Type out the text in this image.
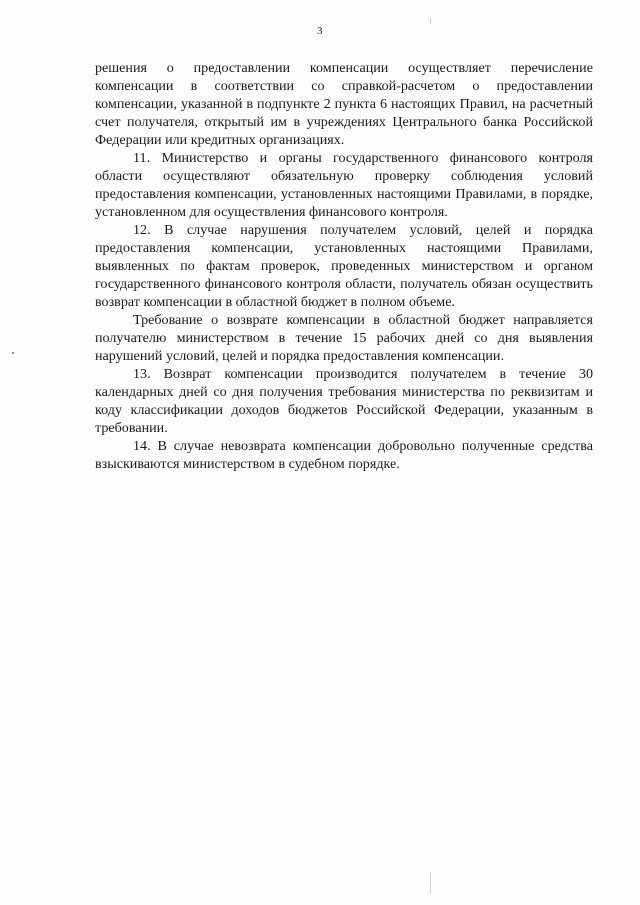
3

решения о предоставлении компенсации осуществляет перечисление компенсации в соответствии со справкой-расчетом о предоставлении компенсации, указанной в подпункте 2 пункта 6 настоящих Правил, на расчетный счет получателя, открытый им в учреждениях Центрального банка Российской Федерации или кредитных организациях.

11. Министерство и органы государственного финансового контроля области осуществляют обязательную проверку соблюдения условий предоставления компенсации, установленных настоящими Правилами, в порядке, установленном для осуществления финансового контроля.

12. В случае нарушения получателем условий, целей и порядка предоставления компенсации, установленных настоящими Правилами, выявленных по фактам проверок, проведенных министерством и органом государственного финансового контроля области, получатель обязан осуществить возврат компенсации в областной бюджет в полном объеме.

Требование о возврате компенсации в областной бюджет направляется получателю министерством в течение 15 рабочих дней со дня выявления нарушений условий, целей и порядка предоставления компенсации.

13. Возврат компенсации производится получателем в течение 30 календарных дней со дня получения требования министерства по реквизитам и коду классификации доходов бюджетов Российской Федерации, указанным в требовании.

14. В случае невозврата компенсации добровольно полученные средства взыскиваются министерством в судебном порядке.
